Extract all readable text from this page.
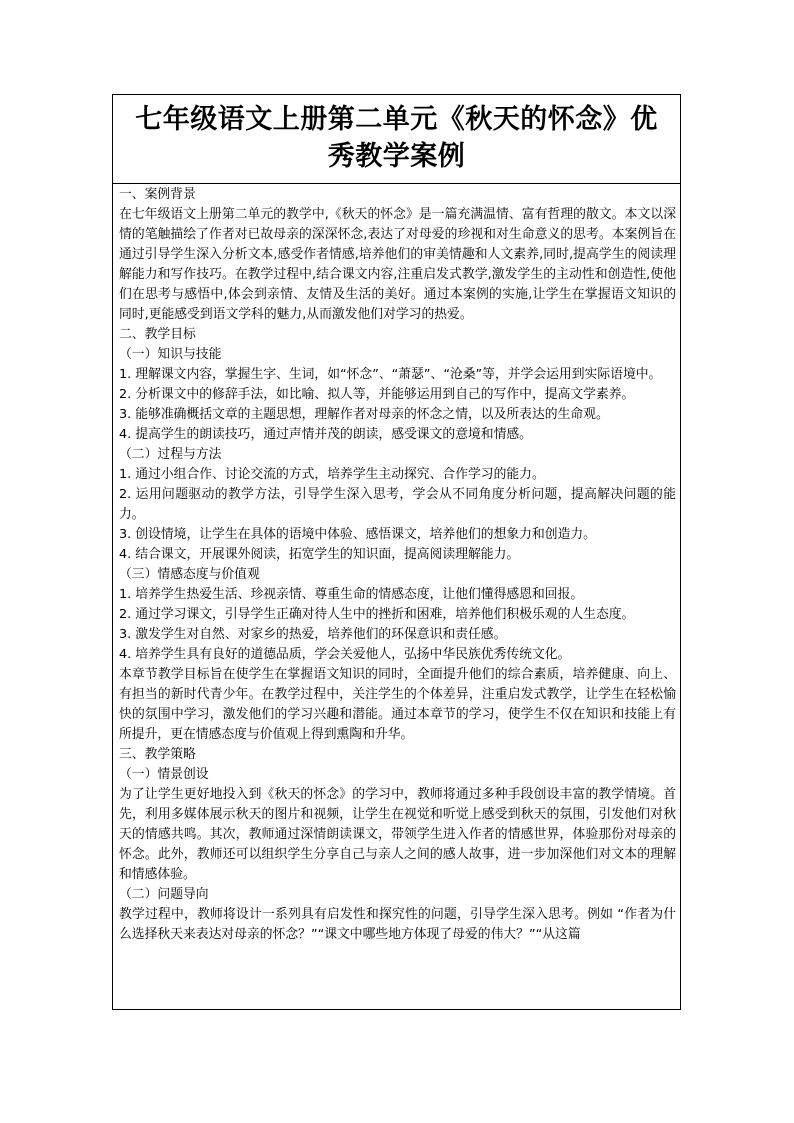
七年级语文上册第二单元《秋天的怀念》优
秀教学案例

一、案例背景

在七年级语文上册第二单元的教学中,《秋天的怀念》是一篇充满温情、富有哲理的散文。本文以深情的笔触描绘了作者对已故母亲的深深怀念,表达了对母爱的珍视和对生命意义的思考。本案例旨在通过引导学生深入分析文本,感受作者情感,培养他们的审美情趣和人文素养,同时,提高学生的阅读理解能力和写作技巧。在教学过程中,结合课文内容,注重启发式教学,激发学生的主动性和创造性,使他们在思考与感悟中,体会到亲情、友情及生活的美好。通过本案例的实施,让学生在掌握语文知识的同时,更能感受到语文学科的魅力,从而激发他们对学习的热爱。

二、教学目标

（一）知识与技能

1. 理解课文内容，掌握生字、生词，如“怀念”、“萧瑟”、“沧桑”等，并学会运用到实际语境中。

2. 分析课文中的修辞手法，如比喻、拟人等，并能够运用到自己的写作中，提高文学素养。

3. 能够准确概括文章的主题思想，理解作者对母亲的怀念之情，以及所表达的生命观。

4. 提高学生的朗读技巧，通过声情并茂的朗读，感受课文的意境和情感。

（二）过程与方法

1. 通过小组合作、讨论交流的方式，培养学生主动探究、合作学习的能力。

2. 运用问题驱动的教学方法，引导学生深入思考，学会从不同角度分析问题，提高解决问题的能力。

3. 创设情境，让学生在具体的语境中体验、感悟课文，培养他们的想象力和创造力。

4. 结合课文，开展课外阅读，拓宽学生的知识面，提高阅读理解能力。

（三）情感态度与价值观

1. 培养学生热爱生活、珍视亲情、尊重生命的情感态度，让他们懂得感恩和回报。

2. 通过学习课文，引导学生正确对待人生中的挫折和困难，培养他们积极乐观的人生态度。

3. 激发学生对自然、对家乡的热爱，培养他们的环保意识和责任感。

4. 培养学生具有良好的道德品质，学会关爱他人，弘扬中华民族优秀传统文化。

本章节教学目标旨在使学生在掌握语文知识的同时，全面提升他们的综合素质，培养健康、向上、有担当的新时代青少年。在教学过程中，关注学生的个体差异，注重启发式教学，让学生在轻松愉快的氛围中学习，激发他们的学习兴趣和潜能。通过本章节的学习，使学生不仅在知识和技能上有所提升，更在情感态度与价值观上得到熏陶和升华。

三、教学策略

（一）情景创设

为了让学生更好地投入到《秋天的怀念》的学习中，教师将通过多种手段创设丰富的教学情境。首先，利用多媒体展示秋天的图片和视频，让学生在视觉和听觉上感受到秋天的氛围，引发他们对秋天的情感共鸣。其次，教师通过深情朗读课文，带领学生进入作者的情感世界，体验那份对母亲的怀念。此外，教师还可以组织学生分享自己与亲人之间的感人故事，进一步加深他们对文本的理解和情感体验。

（二）问题导向

教学过程中，教师将设计一系列具有启发性和探究性的问题，引导学生深入思考。例如 “作者为什么选择秋天来表达对母亲的怀念？”“课文中哪些地方体现了母爱的伟大？”“从这篇
